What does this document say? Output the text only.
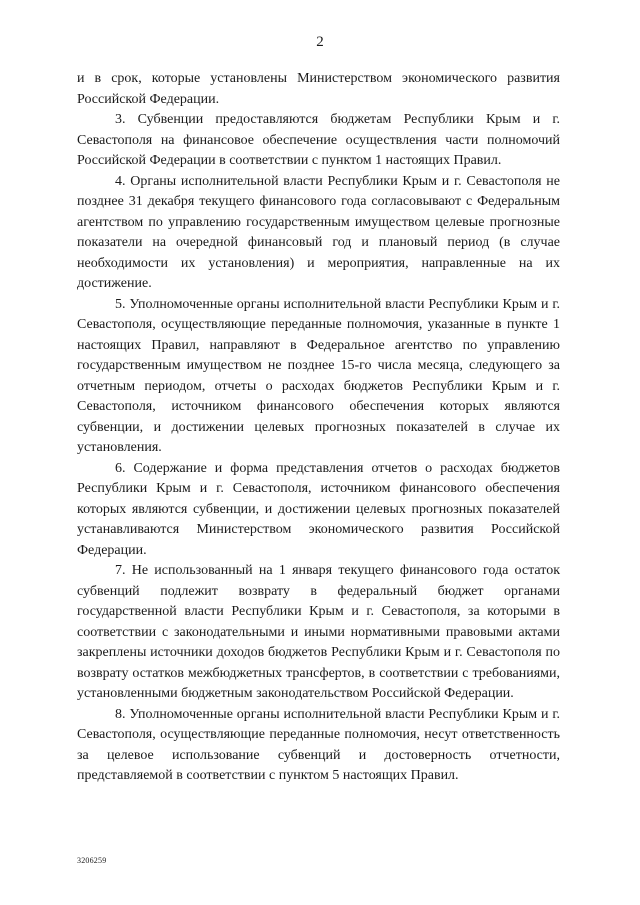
2

и в срок, которые установлены Министерством экономического развития Российской Федерации.

3. Субвенции предоставляются бюджетам Республики Крым и г. Севастополя на финансовое обеспечение осуществления части полномочий Российской Федерации в соответствии с пунктом 1 настоящих Правил.

4. Органы исполнительной власти Республики Крым и г. Севастополя не позднее 31 декабря текущего финансового года согласовывают с Федеральным агентством по управлению государственным имуществом целевые прогнозные показатели на очередной финансовый год и плановый период (в случае необходимости их установления) и мероприятия, направленные на их достижение.

5. Уполномоченные органы исполнительной власти Республики Крым и г. Севастополя, осуществляющие переданные полномочия, указанные в пункте 1 настоящих Правил, направляют в Федеральное агентство по управлению государственным имуществом не позднее 15-го числа месяца, следующего за отчетным периодом, отчеты о расходах бюджетов Республики Крым и г. Севастополя, источником финансового обеспечения которых являются субвенции, и достижении целевых прогнозных показателей в случае их установления.

6. Содержание и форма представления отчетов о расходах бюджетов Республики Крым и г. Севастополя, источником финансового обеспечения которых являются субвенции, и достижении целевых прогнозных показателей устанавливаются Министерством экономического развития Российской Федерации.

7. Не использованный на 1 января текущего финансового года остаток субвенций подлежит возврату в федеральный бюджет органами государственной власти Республики Крым и г. Севастополя, за которыми в соответствии с законодательными и иными нормативными правовыми актами закреплены источники доходов бюджетов Республики Крым и г. Севастополя по возврату остатков межбюджетных трансфертов, в соответствии с требованиями, установленными бюджетным законодательством Российской Федерации.

8. Уполномоченные органы исполнительной власти Республики Крым и г. Севастополя, осуществляющие переданные полномочия, несут ответственность за целевое использование субвенций и достоверность отчетности, представляемой в соответствии с пунктом 5 настоящих Правил.

3206259
